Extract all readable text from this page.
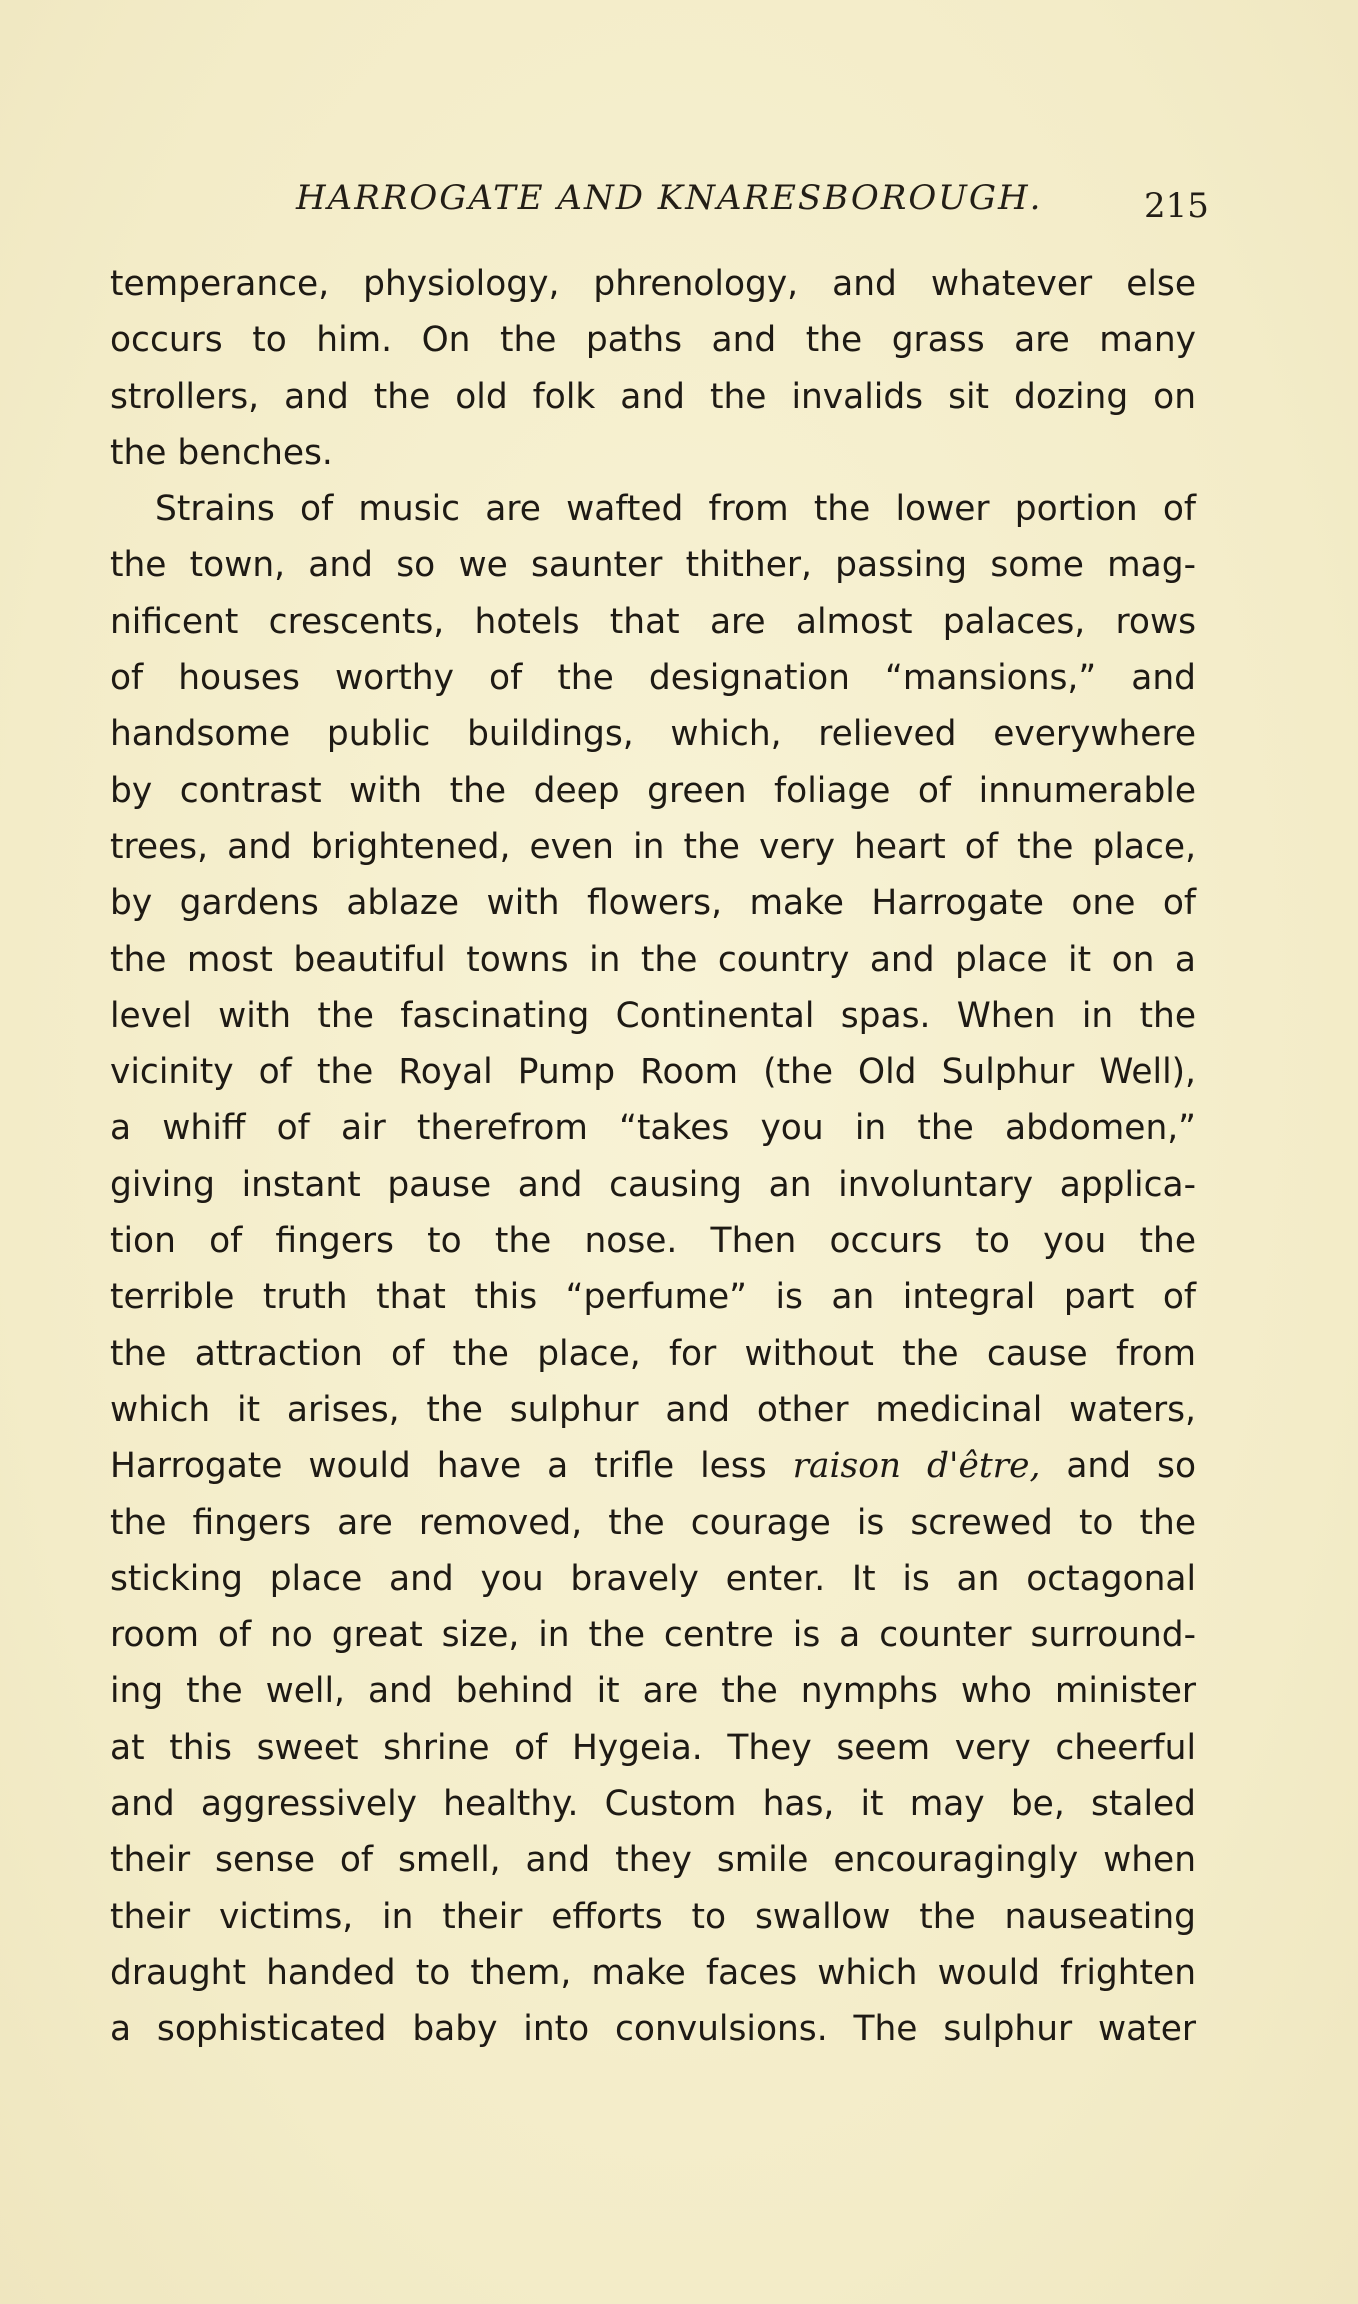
HARROGATE AND KNARESBOROUGH.	215
temperance, physiology, phrenology, and whatever else
occurs to him. On the paths and the grass are many
strollers, and the old folk and the invalids sit dozing on
the benches.
Strains of music are wafted from the lower portion of
the town, and so we saunter thither, passing some mag-
nificent crescents, hotels that are almost palaces, rows
of houses worthy of the designation “mansions,” and
handsome public buildings, which, relieved everywhere
by contrast with the deep green foliage of innumerable
trees, and brightened, even in the very heart of the place,
by gardens ablaze with flowers, make Harrogate one of
the most beautiful towns in the country and place it on a
level with the fascinating Continental spas. When in the
vicinity of the Royal Pump Room (the Old Sulphur Well),
a whiff of air therefrom “takes you in the abdomen,”
giving instant pause and causing an involuntary applica-
tion of fingers to the nose. Then occurs to you the
terrible truth that this “perfume” is an integral part of
the attraction of the place, for without the cause from
which it arises, the sulphur and other medicinal waters,
Harrogate would have a trifle less raison d'être, and so
the fingers are removed, the courage is screwed to the
sticking place and you bravely enter. It is an octagonal
room of no great size, in the centre is a counter surround-
ing the well, and behind it are the nymphs who minister
at this sweet shrine of Hygeia. They seem very cheerful
and aggressively healthy. Custom has, it may be, staled
their sense of smell, and they smile encouragingly when
their victims, in their efforts to swallow the nauseating
draught handed to them, make faces which would frighten
a sophisticated baby into convulsions. The sulphur water
